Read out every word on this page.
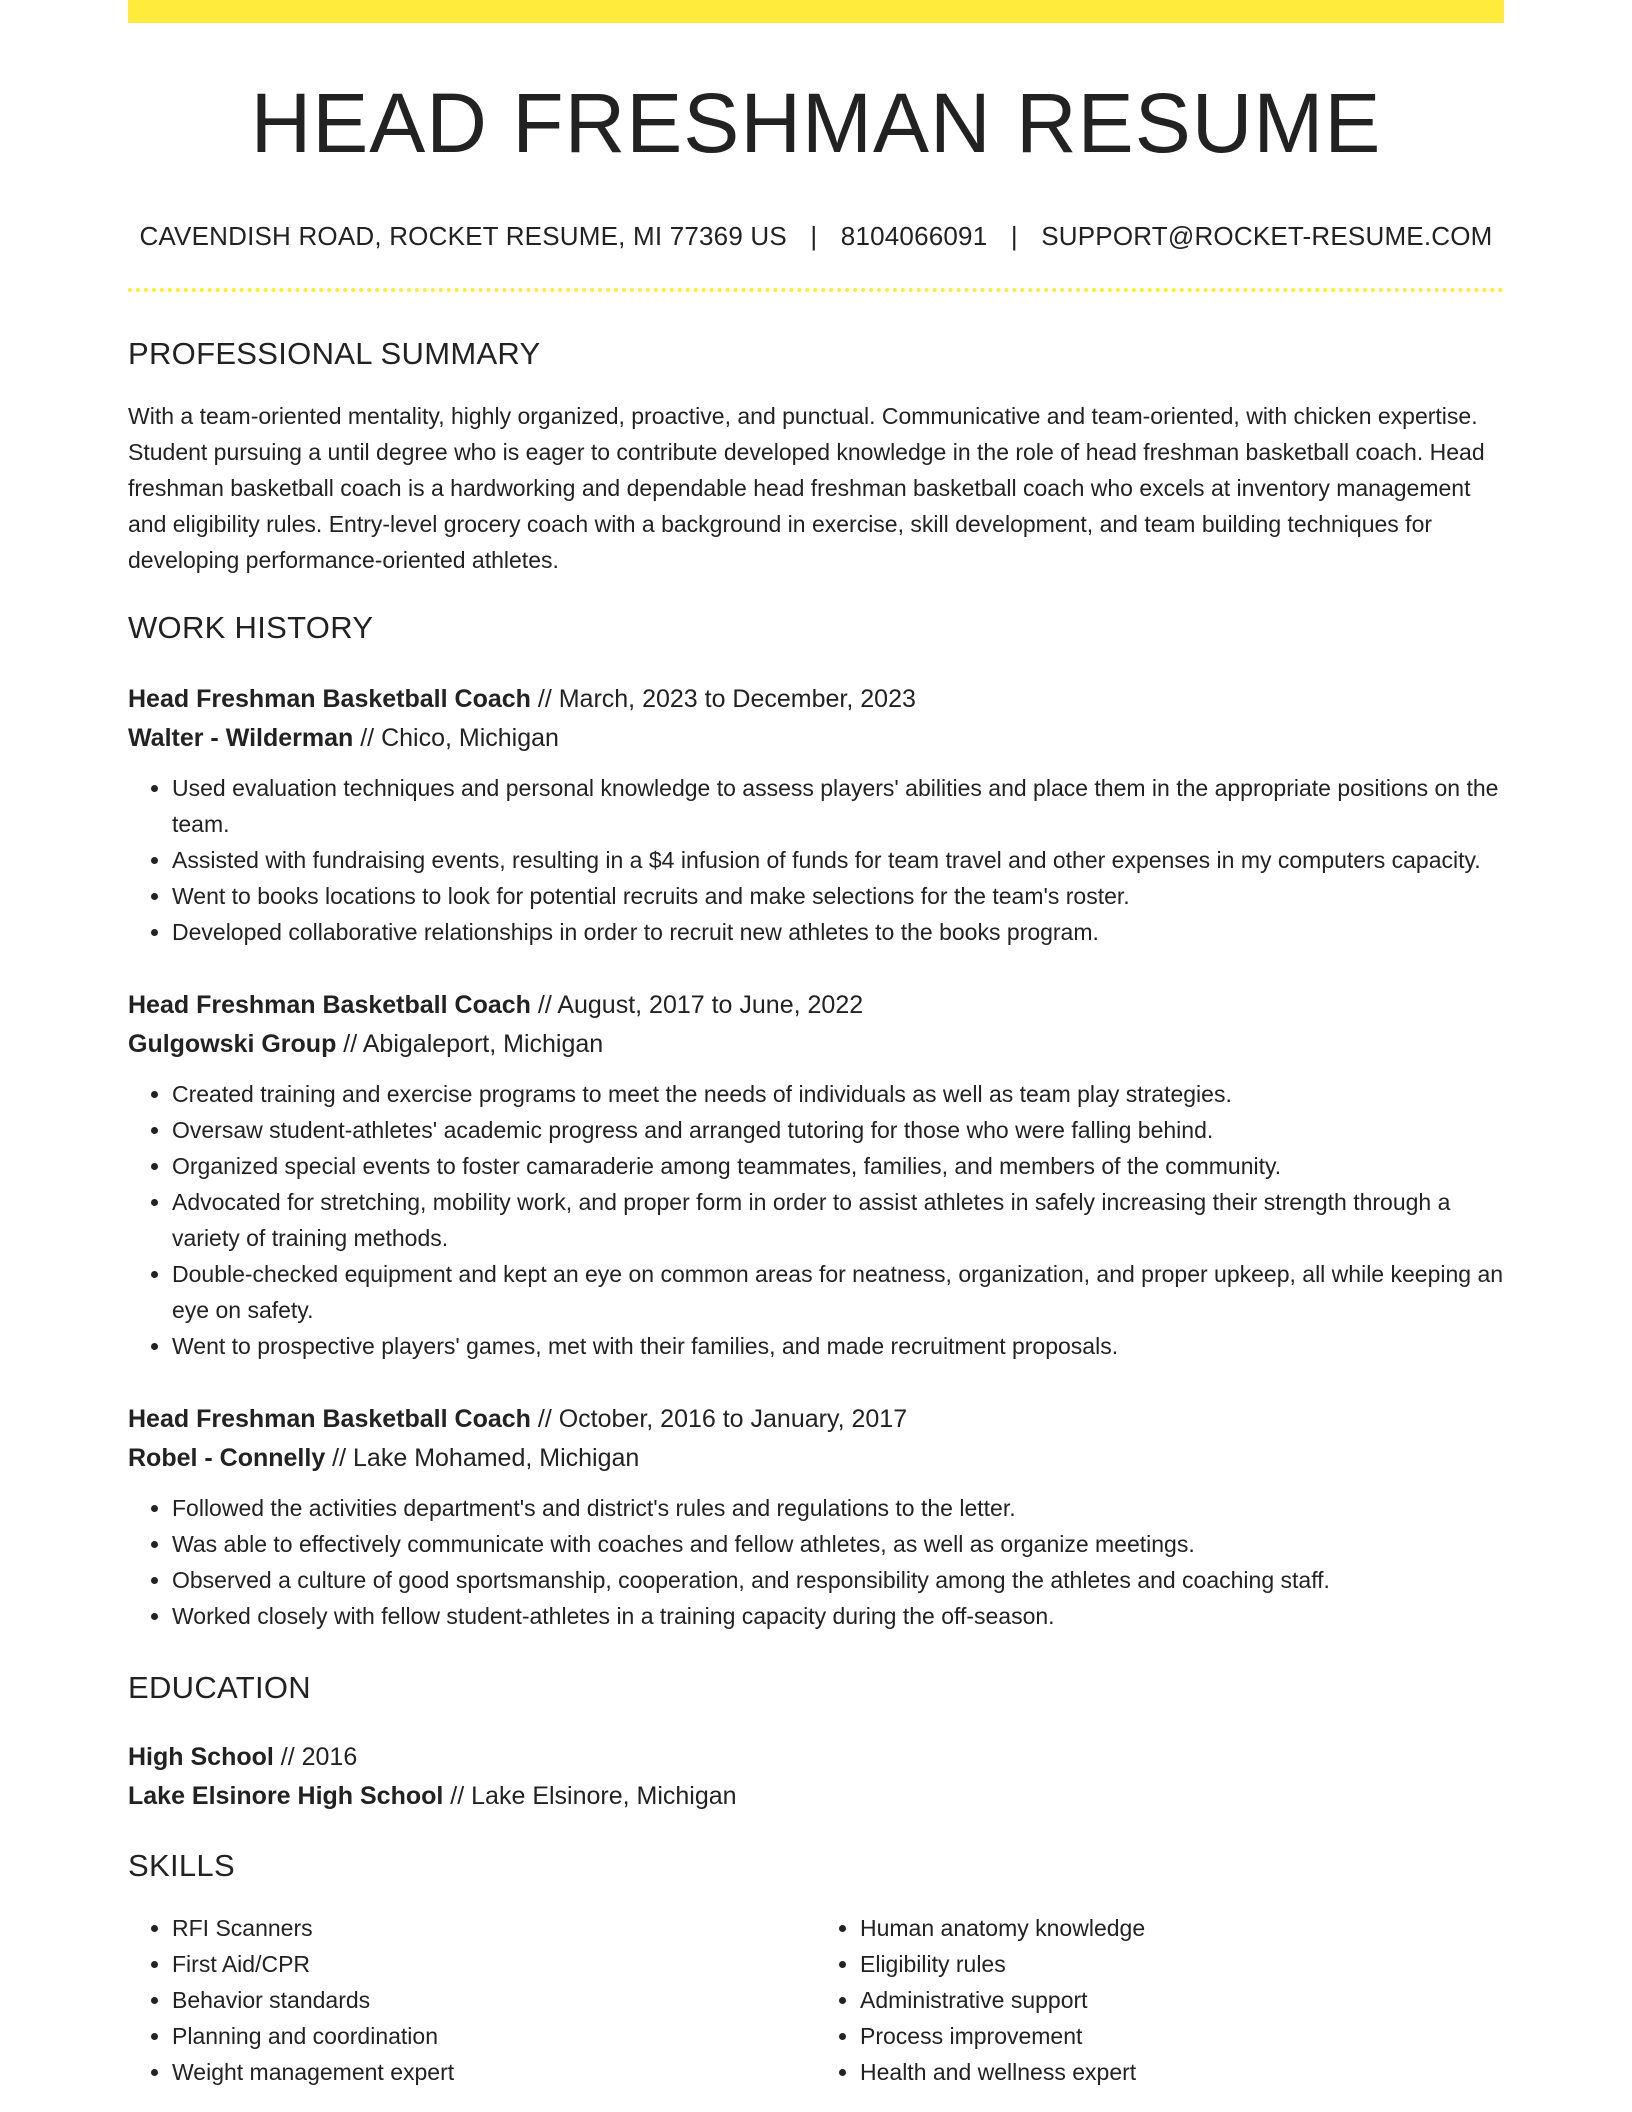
HEAD FRESHMAN RESUME
CAVENDISH ROAD, ROCKET RESUME, MI 77369 US | 8104066091 | SUPPORT@ROCKET-RESUME.COM
PROFESSIONAL SUMMARY
With a team-oriented mentality, highly organized, proactive, and punctual. Communicative and team-oriented, with chicken expertise. Student pursuing a until degree who is eager to contribute developed knowledge in the role of head freshman basketball coach. Head freshman basketball coach is a hardworking and dependable head freshman basketball coach who excels at inventory management and eligibility rules. Entry-level grocery coach with a background in exercise, skill development, and team building techniques for developing performance-oriented athletes.
WORK HISTORY
Head Freshman Basketball Coach // March, 2023 to December, 2023
Walter - Wilderman // Chico, Michigan
• Used evaluation techniques and personal knowledge to assess players' abilities and place them in the appropriate positions on the team.
• Assisted with fundraising events, resulting in a $4 infusion of funds for team travel and other expenses in my computers capacity.
• Went to books locations to look for potential recruits and make selections for the team's roster.
• Developed collaborative relationships in order to recruit new athletes to the books program.
Head Freshman Basketball Coach // August, 2017 to June, 2022
Gulgowski Group // Abigaleport, Michigan
• Created training and exercise programs to meet the needs of individuals as well as team play strategies.
• Oversaw student-athletes' academic progress and arranged tutoring for those who were falling behind.
• Organized special events to foster camaraderie among teammates, families, and members of the community.
• Advocated for stretching, mobility work, and proper form in order to assist athletes in safely increasing their strength through a variety of training methods.
• Double-checked equipment and kept an eye on common areas for neatness, organization, and proper upkeep, all while keeping an eye on safety.
• Went to prospective players' games, met with their families, and made recruitment proposals.
Head Freshman Basketball Coach // October, 2016 to January, 2017
Robel - Connelly // Lake Mohamed, Michigan
• Followed the activities department's and district's rules and regulations to the letter.
• Was able to effectively communicate with coaches and fellow athletes, as well as organize meetings.
• Observed a culture of good sportsmanship, cooperation, and responsibility among the athletes and coaching staff.
• Worked closely with fellow student-athletes in a training capacity during the off-season.
EDUCATION
High School // 2016
Lake Elsinore High School // Lake Elsinore, Michigan
SKILLS
• RFI Scanners
• First Aid/CPR
• Behavior standards
• Planning and coordination
• Weight management expert
• Human anatomy knowledge
• Eligibility rules
• Administrative support
• Process improvement
• Health and wellness expert
